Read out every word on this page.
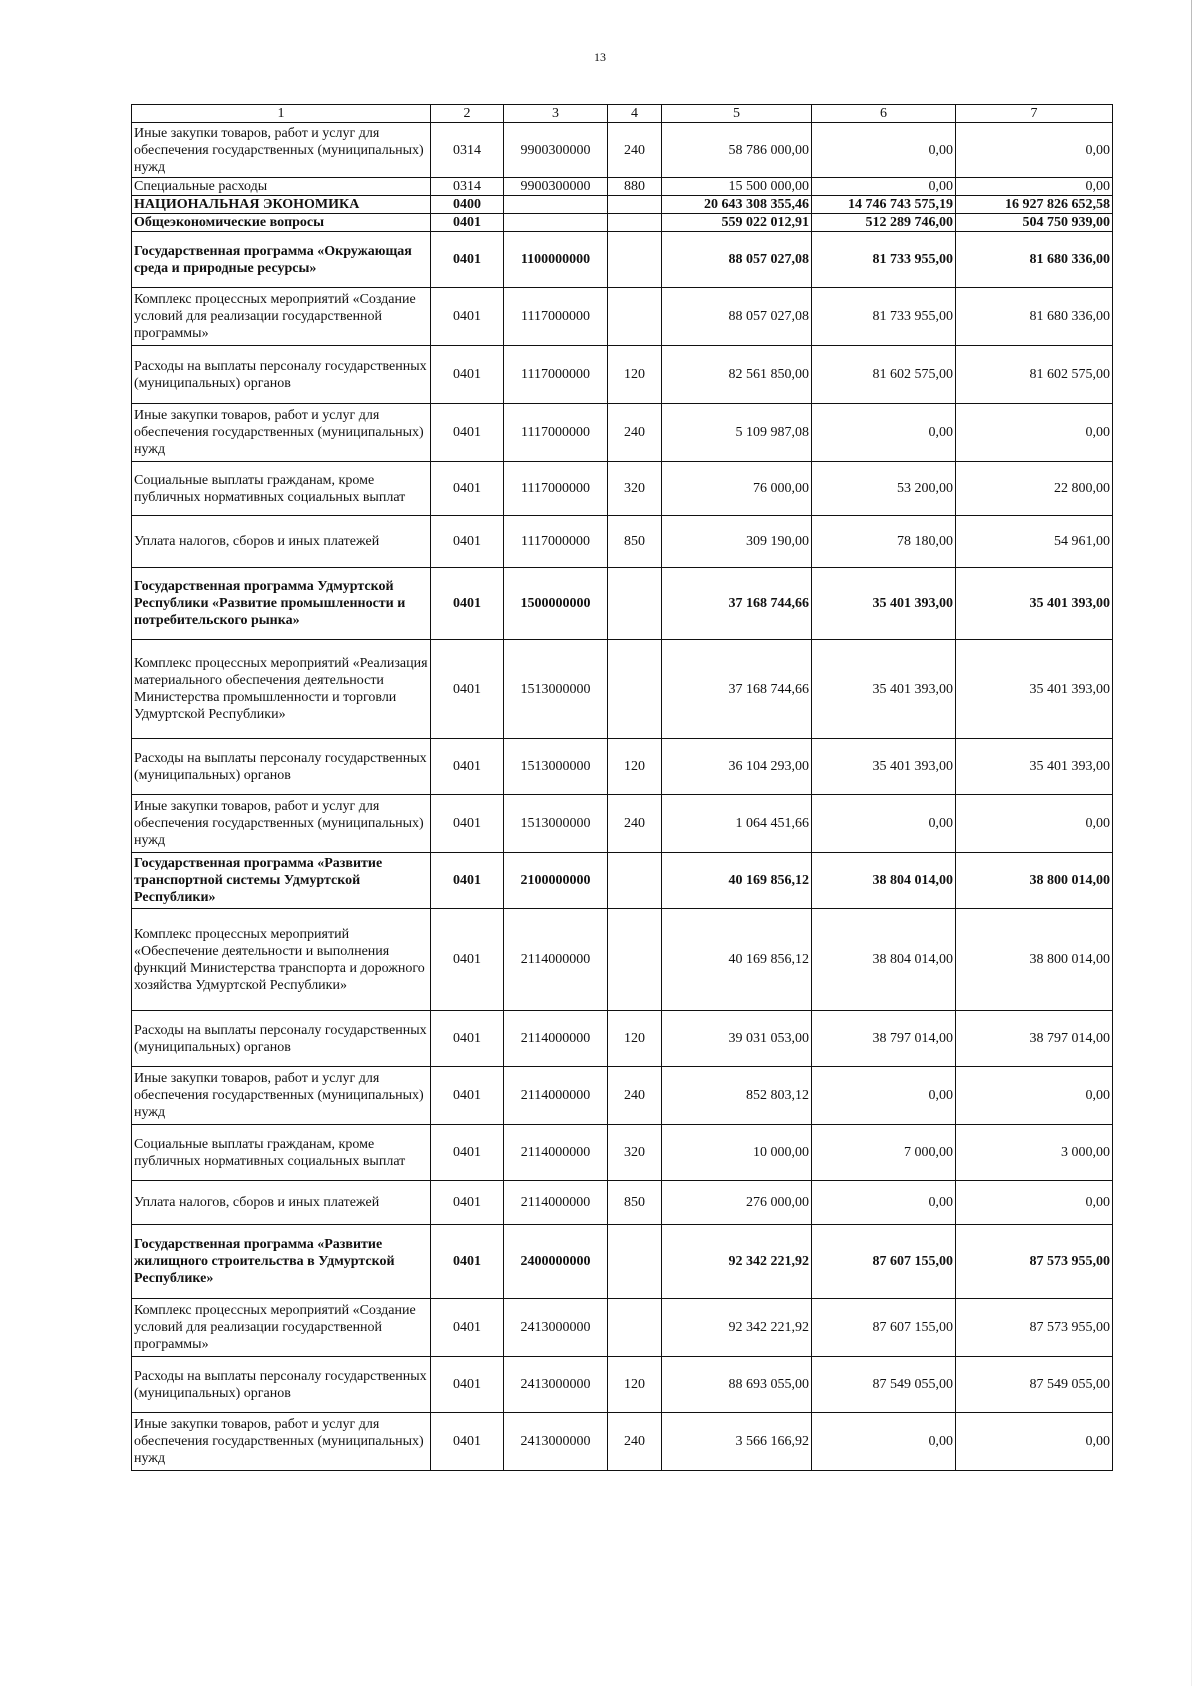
13
1	2	3	4	5	6	7
Иные закупки товаров, работ и услуг для обеспечения государственных (муниципальных) нужд	0314	9900300000	240	58 786 000,00	0,00	0,00
Специальные расходы	0314	9900300000	880	15 500 000,00	0,00	0,00
НАЦИОНАЛЬНАЯ ЭКОНОМИКА	0400			20 643 308 355,46	14 746 743 575,19	16 927 826 652,58
Общеэкономические вопросы	0401			559 022 012,91	512 289 746,00	504 750 939,00
Государственная программа «Окружающая среда и природные ресурсы»	0401	1100000000		88 057 027,08	81 733 955,00	81 680 336,00
Комплекс процессных мероприятий «Создание условий для реализации государственной программы»	0401	1117000000		88 057 027,08	81 733 955,00	81 680 336,00
Расходы на выплаты персоналу государственных (муниципальных) органов	0401	1117000000	120	82 561 850,00	81 602 575,00	81 602 575,00
Иные закупки товаров, работ и услуг для обеспечения государственных (муниципальных) нужд	0401	1117000000	240	5 109 987,08	0,00	0,00
Социальные выплаты гражданам, кроме публичных нормативных социальных выплат	0401	1117000000	320	76 000,00	53 200,00	22 800,00
Уплата налогов, сборов и иных платежей	0401	1117000000	850	309 190,00	78 180,00	54 961,00
Государственная программа Удмуртской Республики «Развитие промышленности и потребительского рынка»	0401	1500000000		37 168 744,66	35 401 393,00	35 401 393,00
Комплекс процессных мероприятий «Реализация материального обеспечения деятельности Министерства промышленности и торговли Удмуртской Республики»	0401	1513000000		37 168 744,66	35 401 393,00	35 401 393,00
Расходы на выплаты персоналу государственных (муниципальных) органов	0401	1513000000	120	36 104 293,00	35 401 393,00	35 401 393,00
Иные закупки товаров, работ и услуг для обеспечения государственных (муниципальных) нужд	0401	1513000000	240	1 064 451,66	0,00	0,00
Государственная программа «Развитие транспортной системы Удмуртской Республики»	0401	2100000000		40 169 856,12	38 804 014,00	38 800 014,00
Комплекс процессных мероприятий «Обеспечение деятельности и выполнения функций Министерства транспорта и дорожного хозяйства Удмуртской Республики»	0401	2114000000		40 169 856,12	38 804 014,00	38 800 014,00
Расходы на выплаты персоналу государственных (муниципальных) органов	0401	2114000000	120	39 031 053,00	38 797 014,00	38 797 014,00
Иные закупки товаров, работ и услуг для обеспечения государственных (муниципальных) нужд	0401	2114000000	240	852 803,12	0,00	0,00
Социальные выплаты гражданам, кроме публичных нормативных социальных выплат	0401	2114000000	320	10 000,00	7 000,00	3 000,00
Уплата налогов, сборов и иных платежей	0401	2114000000	850	276 000,00	0,00	0,00
Государственная программа «Развитие жилищного строительства в Удмуртской Республике»	0401	2400000000		92 342 221,92	87 607 155,00	87 573 955,00
Комплекс процессных мероприятий «Создание условий для реализации государственной программы»	0401	2413000000		92 342 221,92	87 607 155,00	87 573 955,00
Расходы на выплаты персоналу государственных (муниципальных) органов	0401	2413000000	120	88 693 055,00	87 549 055,00	87 549 055,00
Иные закупки товаров, работ и услуг для обеспечения государственных (муниципальных) нужд	0401	2413000000	240	3 566 166,92	0,00	0,00
